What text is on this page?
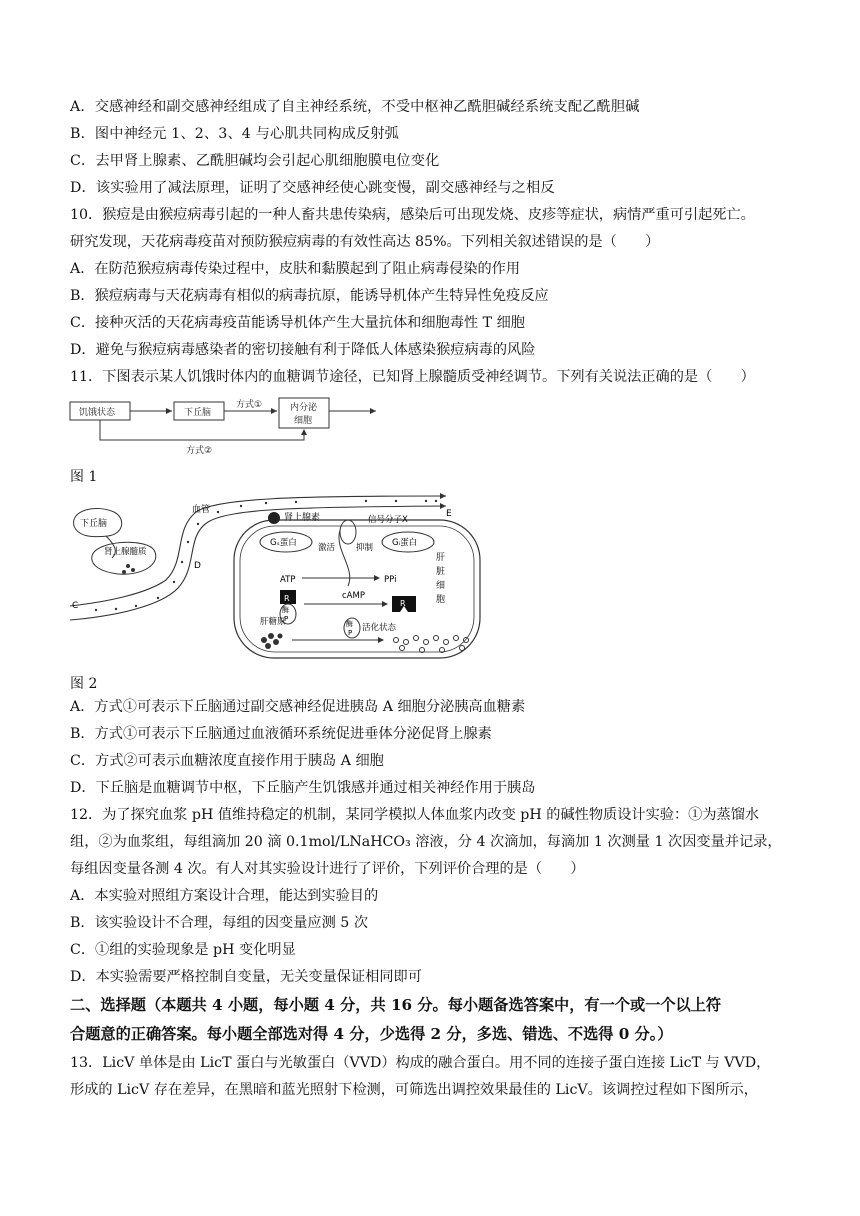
A．交感神经和副交感神经组成了自主神经系统，不受中枢神乙酰胆碱经系统支配乙酰胆碱
B．图中神经元 1、2、3、4 与心肌共同构成反射弧
C．去甲肾上腺素、乙酰胆碱均会引起心肌细胞膜电位变化
D．该实验用了减法原理，证明了交感神经使心跳变慢，副交感神经与之相反
10．猴痘是由猴痘病毒引起的一种人畜共患传染病，感染后可出现发烧、皮疹等症状，病情严重可引起死亡。
研究发现，天花病毒疫苗对预防猴痘病毒的有效性高达 85%。下列相关叙述错误的是（　　）
A．在防范猴痘病毒传染过程中，皮肤和黏膜起到了阻止病毒侵染的作用
B．猴痘病毒与天花病毒有相似的病毒抗原，能诱导机体产生特异性免疫反应
C．接种灭活的天花病毒疫苗能诱导机体产生大量抗体和细胞毒性 T 细胞
D．避免与猴痘病毒感染者的密切接触有利于降低人体感染猴痘病毒的风险
11．下图表示某人饥饿时体内的血糖调节途径，已知肾上腺髓质受神经调节。下列有关说法正确的是（　　）
饥饿状态	下丘脑	内分泌
细胞
方式①
方式②
图 1
下丘脑
肾上腺髓质
血管
C
D
E
肾上腺素	信号分子X
Gₛ蛋白	Gᵢ蛋白
激活 抑制
ATP	PPi
cAMP
R
酶
P
R
酶
P 活化状态
肝糖原
肝
脏
细
胞
图 2
A．方式①可表示下丘脑通过副交感神经促进胰岛 A 细胞分泌胰高血糖素
B．方式①可表示下丘脑通过血液循环系统促进垂体分泌促肾上腺素
C．方式②可表示血糖浓度直接作用于胰岛 A 细胞
D．下丘脑是血糖调节中枢，下丘脑产生饥饿感并通过相关神经作用于胰岛
12．为了探究血浆 pH 值维持稳定的机制，某同学模拟人体血浆内改变 pH 的碱性物质设计实验：①为蒸馏水
组，②为血浆组，每组滴加 20 滴 0.1mol/LNaHCO₃ 溶液，分 4 次滴加，每滴加 1 次测量 1 次因变量并记录，
每组因变量各测 4 次。有人对其实验设计进行了评价，下列评价合理的是（　　）
A．本实验对照组方案设计合理，能达到实验目的
B．该实验设计不合理，每组的因变量应测 5 次
C．①组的实验现象是 pH 变化明显
D．本实验需要严格控制自变量，无关变量保证相同即可
二、选择题（本题共 4 小题，每小题 4 分，共 16 分。每小题备选答案中，有一个或一个以上符
合题意的正确答案。每小题全部选对得 4 分，少选得 2 分，多选、错选、不选得 0 分。）
13．LicV 单体是由 LicT 蛋白与光敏蛋白（VVD）构成的融合蛋白。用不同的连接子蛋白连接 LicT 与 VVD，
形成的 LicV 存在差异，在黑暗和蓝光照射下检测，可筛选出调控效果最佳的 LicV。该调控过程如下图所示，
